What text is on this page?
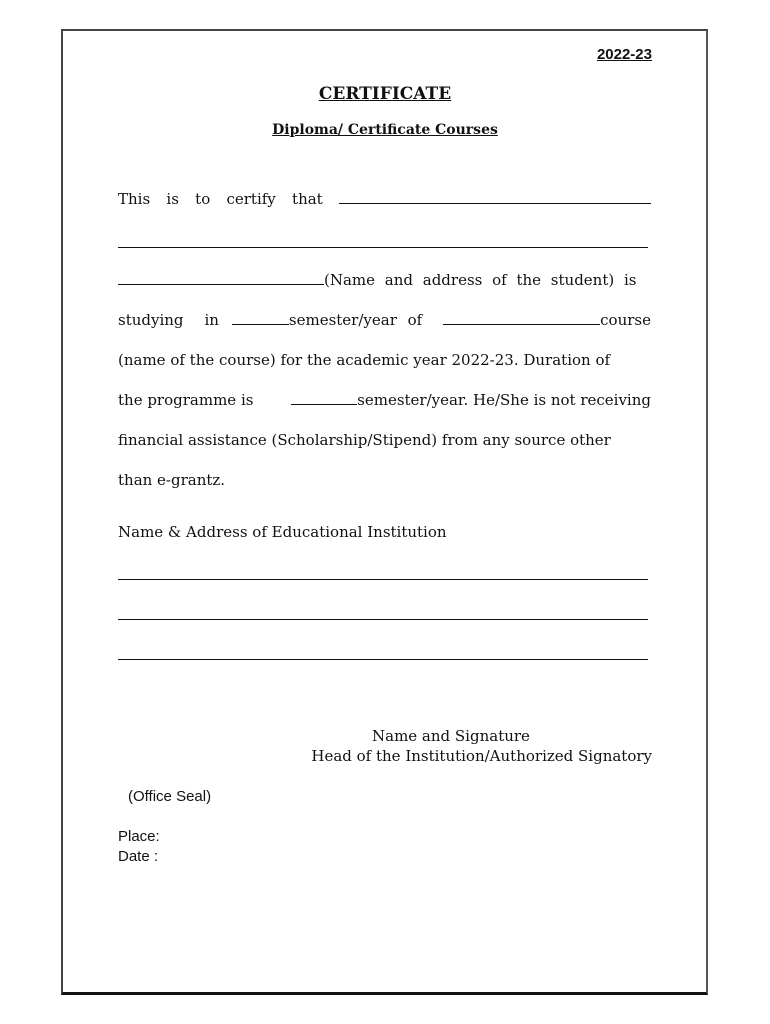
2022-23
CERTIFICATE
Diploma/ Certificate Courses
This is to certify that
(Name and address of the student) is
studying in	semester/year of	course
(name of the course) for the academic year 2022-23. Duration of
the programme is	semester/year. He/She is not receiving
financial assistance (Scholarship/Stipend) from any source other
than e-grantz.
Name & Address of Educational Institution
Name and Signature
Head of the Institution/Authorized Signatory
(Office Seal)
Place:
Date :
